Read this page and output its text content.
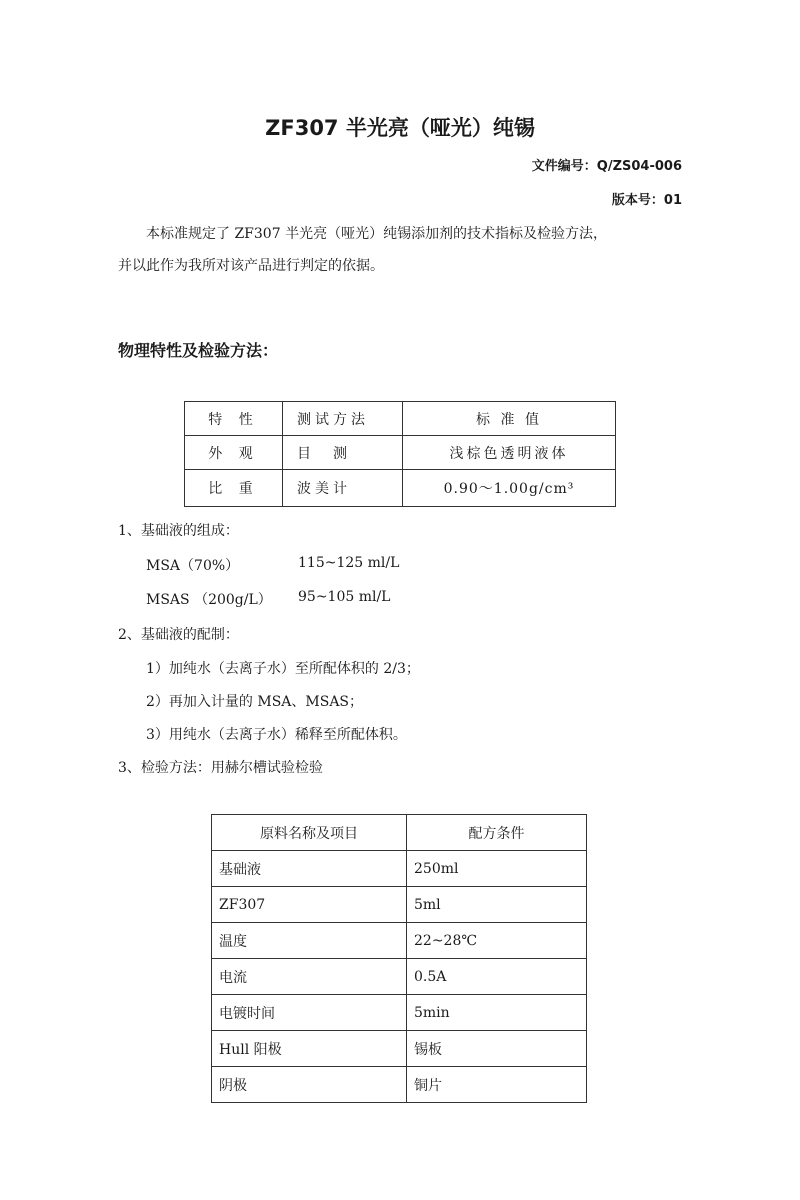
ZF307 半光亮（哑光）纯锡
文件编号：Q/ZS04-006
版本号：01

本标准规定了 ZF307 半光亮（哑光）纯锡添加剂的技术指标及检验方法，

并以此作为我所对该产品进行判定的依据。
物理特性及检验方法：
特 性	测试方法	标 准 值
外 观	目　测	浅棕色透明液体
比 重	波美计	0.90～1.00g/cm³
1、基础液的组成：
MSA（70%）	115~125 ml/L
MSAS （200g/L） 95~105 ml/L
2、基础液的配制：
1）加纯水（去离子水）至所配体积的 2/3；
2）再加入计量的 MSA、MSAS；
3）用纯水（去离子水）稀释至所配体积。
3、检验方法：用赫尔槽试验检验
原料名称及项目	配方条件
基础液	250ml
ZF307	5ml
温度	22~28℃
电流	0.5A
电镀时间	5min
Hull 阳极	锡板
阴极	铜片
